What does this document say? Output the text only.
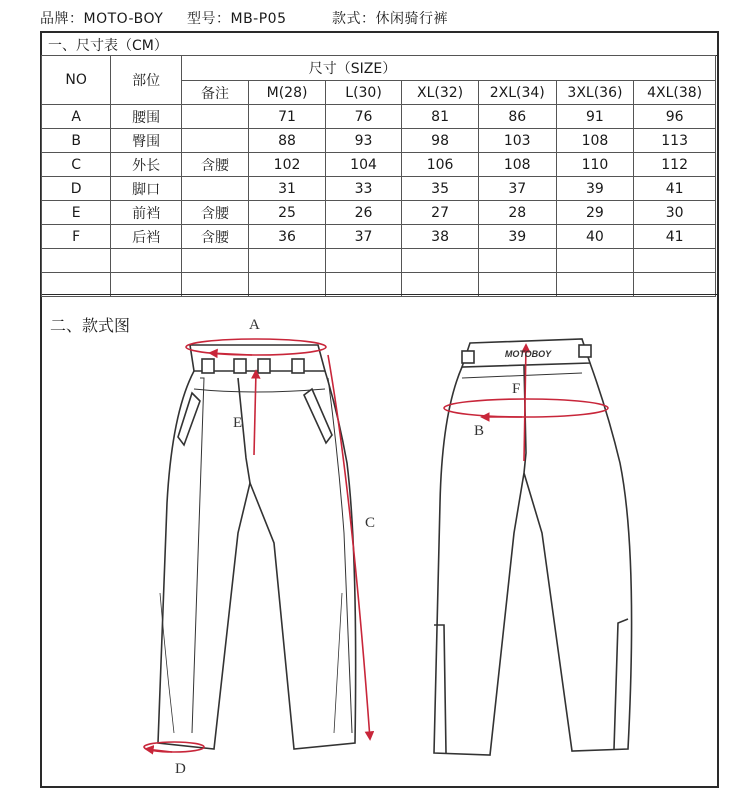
品牌：MOTO-BOY 型号：MB-P05	款式：休闲骑行裤
一、尺寸表（CM）
NO	部位		尺寸（SIZE）					
		备注	M(28)	L(30)	XL(32)	2XL(34)	3XL(36)	4XL(38)
A	腰围		71	76	81	86	91	96
B	臀围		88	93	98	103	108	113
C	外长	含腰	102	104	106	108	110	112
D	脚口		31	33	35	37	39	41
E	前裆	含腰	25	26	27	28	29	30
F	后裆	含腰	36	37	38	39	40	41

二、款式图
MOTOBOY
A
B
C
D
E
F
